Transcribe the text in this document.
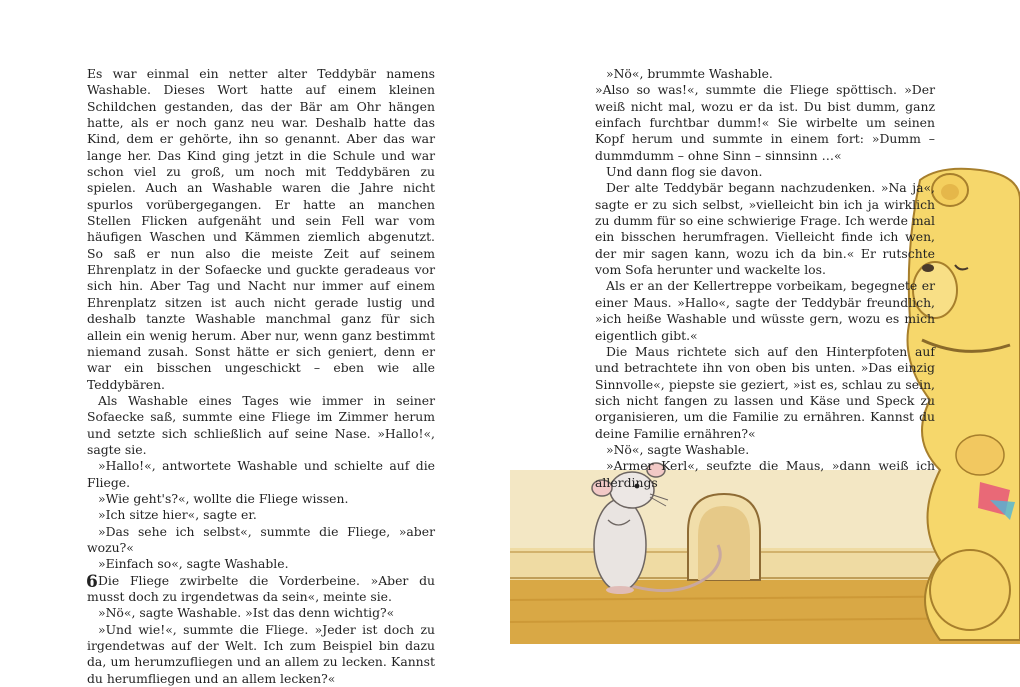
Es war einmal ein netter alter Teddybär namens Washable. Dieses Wort hatte auf einem kleinen Schildchen gestanden, das der Bär am Ohr hängen hatte, als er noch ganz neu war. Deshalb hatte das Kind, dem er gehörte, ihn so genannt. Aber das war lange her. Das Kind ging jetzt in die Schule und war schon viel zu groß, um noch mit Teddybären zu spielen. Auch an Washable waren die Jahre nicht spurlos vorübergegangen. Er hatte an manchen Stellen Flicken aufgenäht und sein Fell war vom häufigen Waschen und Kämmen ziemlich abgenutzt. So saß er nun also die meiste Zeit auf seinem Ehrenplatz in der Sofaecke und guckte geradeaus vor sich hin. Aber Tag und Nacht nur immer auf einem Ehrenplatz sitzen ist auch nicht gerade lustig und deshalb tanzte Washable manchmal ganz für sich allein ein wenig herum. Aber nur, wenn ganz bestimmt niemand zusah. Sonst hätte er sich geniert, denn er war ein bisschen ungeschickt – eben wie alle Teddybären.

Als Washable eines Tages wie immer in seiner Sofaecke saß, summte eine Fliege im Zimmer herum und setzte sich schließlich auf seine Nase. »Hallo!«, sagte sie.

»Hallo!«, antwortete Washable und schielte auf die Fliege.

»Wie geht's?«, wollte die Fliege wissen.

»Ich sitze hier«, sagte er.

»Das sehe ich selbst«, summte die Fliege, »aber wozu?«

»Einfach so«, sagte Washable.

Die Fliege zwirbelte die Vorderbeine. »Aber du musst doch zu irgendetwas da sein«, meinte sie.

»Nö«, sagte Washable. »Ist das denn wichtig?«

»Und wie!«, summte die Fliege. »Jeder ist doch zu irgendetwas auf der Welt. Ich zum Beispiel bin dazu da, um herumzufliegen und an allem zu lecken. Kannst du herumfliegen und an allem lecken?«

6

»Nö«, brummte Washable.

»Also so was!«, summte die Fliege spöttisch. »Der weiß nicht mal, wozu er da ist. Du bist dumm, ganz einfach furchtbar dumm!« Sie wirbelte um seinen Kopf herum und summte in einem fort: »Dumm – dummdumm – ohne Sinn – sinnsinn …«

Und dann flog sie davon.

Der alte Teddybär begann nachzudenken. »Na ja«, sagte er zu sich selbst, »vielleicht bin ich ja wirklich zu dumm für so eine schwierige Frage. Ich werde mal ein bisschen herumfragen. Vielleicht finde ich wen, der mir sagen kann, wozu ich da bin.« Er rutschte vom Sofa herunter und wackelte los.

Als er an der Kellertreppe vorbeikam, begegnete er einer Maus. »Hallo«, sagte der Teddybär freundlich, »ich heiße Washable und wüsste gern, wozu es mich eigentlich gibt.«

Die Maus richtete sich auf den Hinterpfoten auf und betrachtete ihn von oben bis unten. »Das einzig Sinnvolle«, piepste sie geziert, »ist es, schlau zu sein, sich nicht fangen zu lassen und Käse und Speck zu organisieren, um die Familie zu ernähren. Kannst du deine Familie ernähren?«

»Nö«, sagte Washable.

»Armer Kerl«, seufzte die Maus, »dann weiß ich allerdings
